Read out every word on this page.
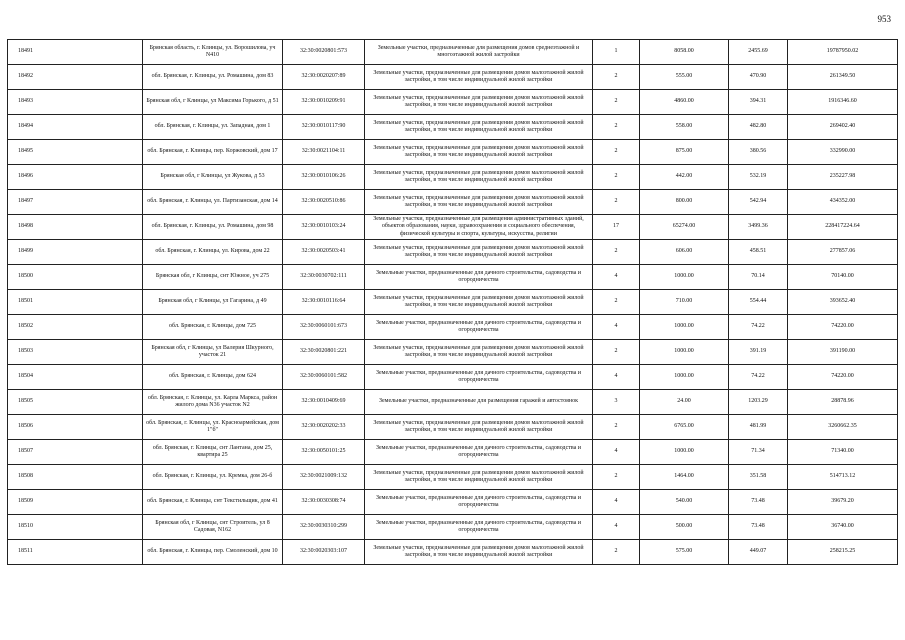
953
18491	Брянская область, г. Клинцы, ул. Ворошилова, уч N410	32:30:0020801:573	Земельные участки, предназначенные для размещения домов среднеэтажной и многоэтажной жилой застройки	1	8058.00	2455.69	19787950.02
18492	обл. Брянская, г. Клинцы, ул. Ромашина, дом 83	32:30:0020207:89	Земельные участки, предназначенные для размещения домов малоэтажной жилой застройки, в том числе индивидуальной жилой застройки	2	555.00	470.90	261349.50
18493	Брянская обл, г Клинцы, ул Максима Горького, д 51	32:30:0010209:91	Земельные участки, предназначенные для размещения домов малоэтажной жилой застройки, в том числе индивидуальной жилой застройки	2	4860.00	394.31	1916346.60
18494	обл. Брянская, г. Клинцы, ул. Западная, дом 1	32:30:0010117:90	Земельные участки, предназначенные для размещения домов малоэтажной жилой застройки, в том числе индивидуальной жилой застройки	2	558.00	482.80	269402.40
18495	обл. Брянская, г. Клинцы, пер. Коржовский, дом 17	32:30:0021104:11	Земельные участки, предназначенные для размещения домов малоэтажной жилой застройки, в том числе индивидуальной жилой застройки	2	875.00	380.56	332990.00
18496	Брянская обл, г Клинцы, ул Жукова, д 53	32:30:0010106:26	Земельные участки, предназначенные для размещения домов малоэтажной жилой застройки, в том числе индивидуальной жилой застройки	2	442.00	532.19	235227.98
18497	обл. Брянская, г. Клинцы, ул. Партизанская, дом 14	32:30:0020510:86	Земельные участки, предназначенные для размещения домов малоэтажной жилой застройки, в том числе индивидуальной жилой застройки	2	800.00	542.94	434352.00
18498	обл. Брянская, г. Клинцы, ул. Ромашина, дом 98	32:30:0010103:24	Земельные участки, предназначенные для размещения административных зданий, объектов образования, науки, здравоохранения и социального обеспечения, физической культуры и спорта, культуры, искусства, религии	17	65274.00	3499.36	228417224.64
18499	обл. Брянская, г. Клинцы, ул. Кирова, дом 22	32:30:0020503:41	Земельные участки, предназначенные для размещения домов малоэтажной жилой застройки, в том числе индивидуальной жилой застройки	2	606.00	458.51	277857.06
18500	Брянская обл, г Клинцы, снт Южное, уч 275	32:30:0030702:111	Земельные участки, предназначенные для дачного строительства, садоводства и огородничества	4	1000.00	70.14	70140.00
18501	Брянская обл, г Клинцы, ул Гагарина, д 49	32:30:0010116:64	Земельные участки, предназначенные для размещения домов малоэтажной жилой застройки, в том числе индивидуальной жилой застройки	2	710.00	554.44	393652.40
18502	обл. Брянская, г. Клинцы, дом 725	32:30:0060101:673	Земельные участки, предназначенные для дачного строительства, садоводства и огородничества	4	1000.00	74.22	74220.00
18503	Брянская обл, г Клинцы, ул Валерия Шкурного, участок 21	32:30:0020801:221	Земельные участки, предназначенные для размещения домов малоэтажной жилой застройки, в том числе индивидуальной жилой застройки	2	1000.00	391.19	391190.00
18504	обл. Брянская, г. Клинцы, дом 624	32:30:0060101:582	Земельные участки, предназначенные для дачного строительства, садоводства и огородничества	4	1000.00	74.22	74220.00
18505	обл. Брянская, г. Клинцы, ул. Карла Маркса, район жилого дома N36 участок N2	32:30:0010409:69	Земельные участки, предназначенные для размещения гаражей и автостоянок	3	24.00	1203.29	28878.96
18506	обл. Брянская, г. Клинцы, ул. Красноармейская, дом 1"б"	32:30:0020202:33	Земельные участки, предназначенные для размещения домов малоэтажной жилой застройки, в том числе индивидуальной жилой застройки	2	6765.00	481.99	3260662.35
18507	обл. Брянская, г. Клинцы, снт Лантана, дом 25, квартира 25	32:30:0050101:25	Земельные участки, предназначенные для дачного строительства, садоводства и огородничества	4	1000.00	71.34	71340.00
18508	обл. Брянская, г. Клинцы, ул. Кремка, дом 26-б	32:30:0021009:132	Земельные участки, предназначенные для размещения домов малоэтажной жилой застройки, в том числе индивидуальной жилой застройки	2	1464.00	351.58	514713.12
18509	обл. Брянская, г. Клинцы, снт Текстильщик, дом 41	32:30:0030308:74	Земельные участки, предназначенные для дачного строительства, садоводства и огородничества	4	540.00	73.48	39679.20
18510	Брянская обл, г Клинцы, снт Строитель, ул 8 Садовая, N162	32:30:0030310:299	Земельные участки, предназначенные для дачного строительства, садоводства и огородничества	4	500.00	73.48	36740.00
18511	обл. Брянская, г. Клинцы, пер. Смоленский, дом 10	32:30:0020303:107	Земельные участки, предназначенные для размещения домов малоэтажной жилой застройки, в том числе индивидуальной жилой застройки	2	575.00	449.07	258215.25
